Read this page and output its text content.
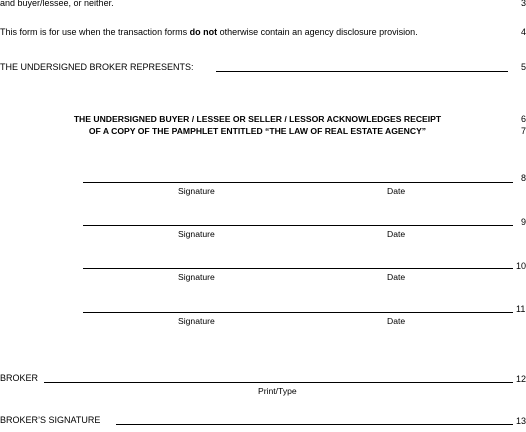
and buyer/lessee, or neither.	3
This form is for use when the transaction forms do not otherwise contain an agency disclosure provision.	4
THE UNDERSIGNED BROKER REPRESENTS:	5
THE UNDERSIGNED BUYER / LESSEE OR SELLER / LESSOR ACKNOWLEDGES RECEIPT	6
OF A COPY OF THE PAMPHLET ENTITLED “THE LAW OF REAL ESTATE AGENCY”	7
8
Signature	Date
9
Signature	Date
10
Signature	Date
11
Signature	Date
BROKER	12
Print/Type
BROKER’S SIGNATURE	13
